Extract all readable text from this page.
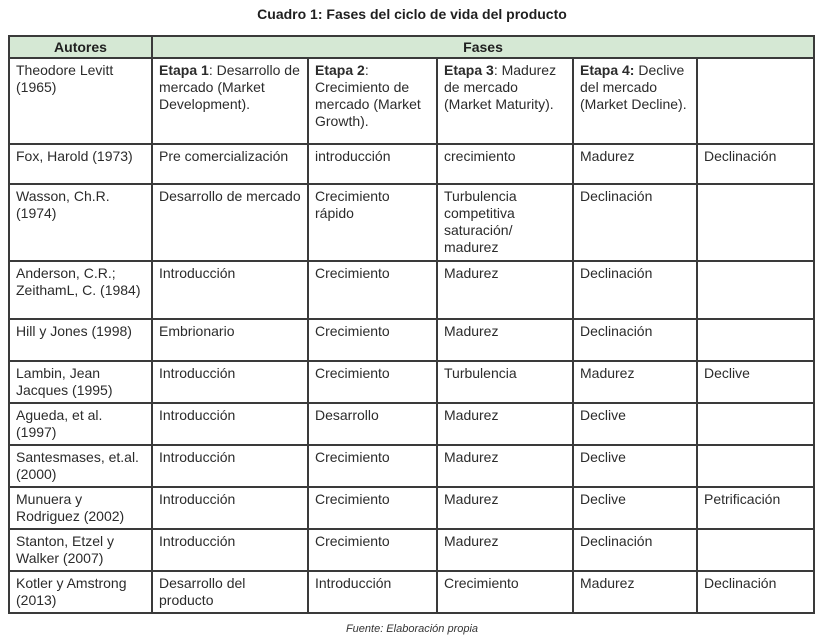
Cuadro 1: Fases del ciclo de vida del producto
Autores	Fases				
Theodore Levitt (1965)	Etapa 1: Desarrollo de mercado (Market Development).	Etapa 2: Crecimiento de mercado (Market Growth).	Etapa 3: Madurez de mercado (Market Maturity).	Etapa 4: Declive del mercado (Market Decline).	
Fox, Harold (1973)	Pre comercialización	introducción	crecimiento	Madurez	Declinación
Wasson, Ch.R. (1974)	Desarrollo de mercado	Crecimiento rápido	Turbulencia competitiva saturación/ madurez	Declinación	
Anderson, C.R.; ZeithamL, C. (1984)	Introducción	Crecimiento	Madurez	Declinación	
Hill y Jones (1998)	Embrionario	Crecimiento	Madurez	Declinación	
Lambin, Jean Jacques (1995)	Introducción	Crecimiento	Turbulencia	Madurez	Declive
Agueda, et al. (1997)	Introducción	Desarrollo	Madurez	Declive	
Santesmases, et.al. (2000)	Introducción	Crecimiento	Madurez	Declive	
Munuera y Rodriguez (2002)	Introducción	Crecimiento	Madurez	Declive	Petrificación
Stanton, Etzel y Walker (2007)	Introducción	Crecimiento	Madurez	Declinación	
Kotler y Amstrong (2013)	Desarrollo del producto	Introducción	Crecimiento	Madurez	Declinación
Fuente: Elaboración propia
